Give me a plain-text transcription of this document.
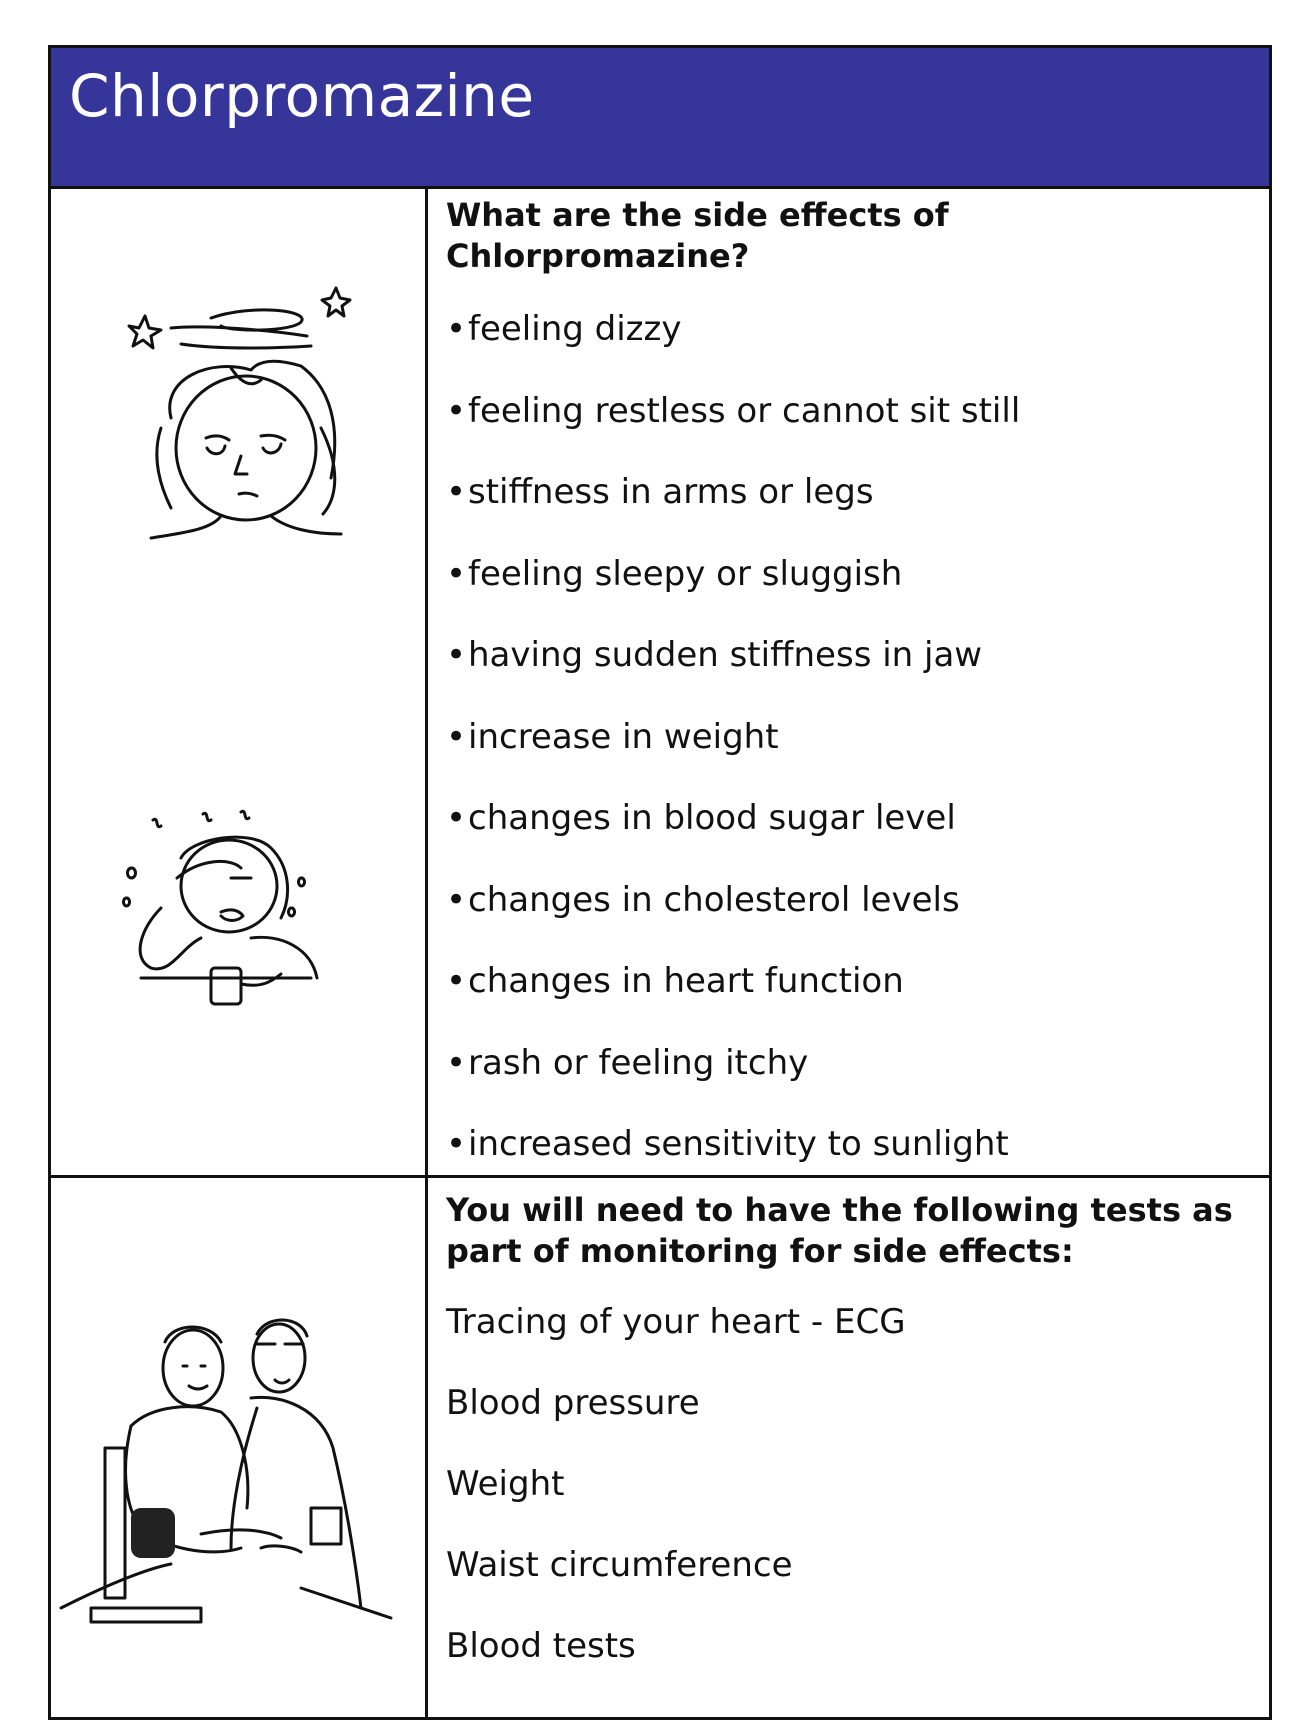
Chlorpromazine

What are the side effects of Chlorpromazine?

•feeling dizzy
•feeling restless or cannot sit still
•stiffness in arms or legs
•feeling sleepy or sluggish
•having sudden stiffness in jaw
•increase in weight
•changes in blood sugar level
•changes in cholesterol levels
•changes in heart function
•rash or feeling itchy
•increased sensitivity to sunlight

You will need to have the following tests as part of monitoring for side effects:

Tracing of your heart - ECG
Blood pressure
Weight
Waist circumference
Blood tests
